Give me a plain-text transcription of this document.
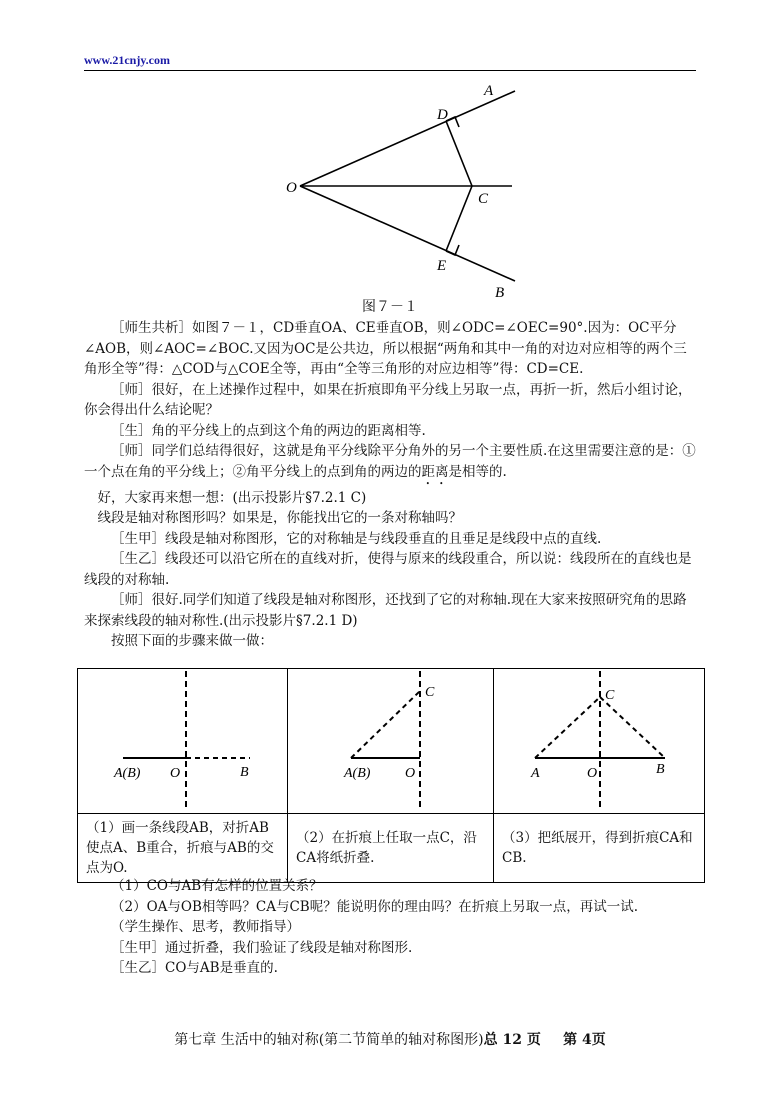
www.21cnjy.com
A
D
O
C
E
B
图７－１

［师生共析］如图７－１，CD垂直OA、CE垂直OB，则∠ODC=∠OEC=90°.因为：OC平分∠AOB，则∠AOC=∠BOC.又因为OC是公共边，所以根据“两角和其中一角的对边对应相等的两个三角形全等”得：△COD与△COE全等，再由“全等三角形的对应边相等”得：CD=CE.

［师］很好，在上述操作过程中，如果在折痕即角平分线上另取一点，再折一折，然后小组讨论，你会得出什么结论呢？

［生］角的平分线上的点到这个角的两边的距离相等.

［师］同学们总结得很好，这就是角平分线除平分角外的另一个主要性质.在这里需要注意的是：①一个点在角的平分线上；②角平分线上的点到角的两边的距离是相等的.

好，大家再来想一想：(出示投影片§7.2.1 C)

线段是轴对称图形吗？如果是，你能找出它的一条对称轴吗？

［生甲］线段是轴对称图形，它的对称轴是与线段垂直的且垂足是线段中点的直线.

［生乙］线段还可以沿它所在的直线对折，使得与原来的线段重合，所以说：线段所在的直线也是线段的对称轴.

［师］很好.同学们知道了线段是轴对称图形，还找到了它的对称轴.现在大家来按照研究角的思路来探索线段的轴对称性.(出示投影片§7.2.1 D)

按照下面的步骤来做一做：

A(B) O B	C
A(B) O	C
A O B

（1）画一条线段AB，对折AB使点A、B重合，折痕与AB的交点为O.	（2）在折痕上任取一点C，沿CA将纸折叠.	（3）把纸展开，得到折痕CA和CB.

（1）CO与AB有怎样的位置关系？

（2）OA与OB相等吗？CA与CB呢？能说明你的理由吗？在折痕上另取一点，再试一试.

（学生操作、思考，教师指导）

［生甲］通过折叠，我们验证了线段是轴对称图形.

［生乙］CO与AB是垂直的.

第七章 生活中的轴对称(第二节简单的轴对称图形)总 12 页 第 4页
